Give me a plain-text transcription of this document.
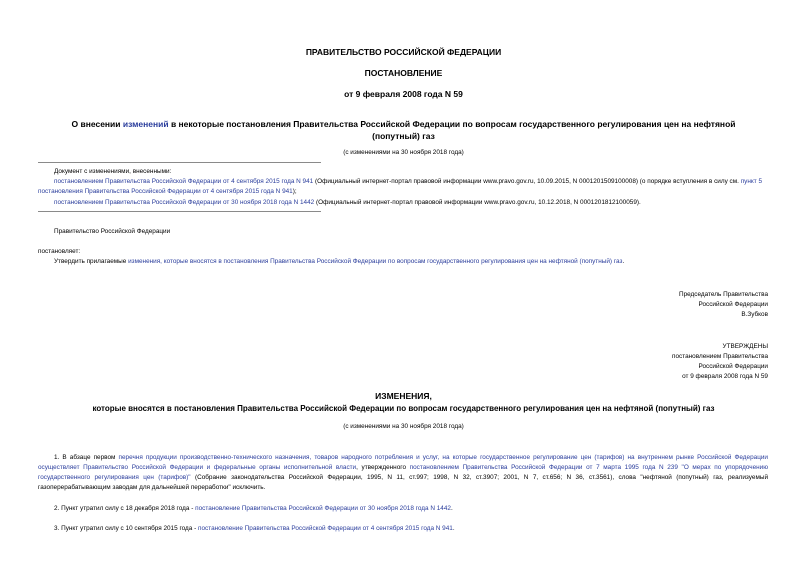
ПРАВИТЕЛЬСТВО РОССИЙСКОЙ ФЕДЕРАЦИИ
ПОСТАНОВЛЕНИЕ
от 9 февраля 2008 года N 59
О внесении изменений в некоторые постановления Правительства Российской Федерации по вопросам государственного регулирования цен на нефтяной (попутный) газ
(с изменениями на 30 ноября 2018 года)
Документ с изменениями, внесенными:
постановлением Правительства Российской Федерации от 4 сентября 2015 года N 941 (Официальный интернет-портал правовой информации www.pravo.gov.ru, 10.09.2015, N 0001201509100008) (о порядке вступления в силу см. пункт 5 постановления Правительства Российской Федерации от 4 сентября 2015 года N 941);
постановлением Правительства Российской Федерации от 30 ноября 2018 года N 1442 (Официальный интернет-портал правовой информации www.pravo.gov.ru, 10.12.2018, N 0001201812100059).
Правительство Российской Федерации
постановляет:
Утвердить прилагаемые изменения, которые вносятся в постановления Правительства Российской Федерации по вопросам государственного регулирования цен на нефтяной (попутный) газ.
Председатель Правительства
Российской Федерации
В.Зубков
УТВЕРЖДЕНЫ
постановлением Правительства
Российской Федерации
от 9 февраля 2008 года N 59
ИЗМЕНЕНИЯ,
которые вносятся в постановления Правительства Российской Федерации по вопросам государственного регулирования цен на нефтяной (попутный) газ
(с изменениями на 30 ноября 2018 года)
1. В абзаце первом перечня продукции производственно-технического назначения, товаров народного потребления и услуг, на которые государственное регулирование цен (тарифов) на внутреннем рынке Российской Федерации осуществляет Правительство Российской Федерации и федеральные органы исполнительной власти, утвержденного постановлением Правительства Российской Федерации от 7 марта 1995 года N 239 "О мерах по упорядочению государственного регулирования цен (тарифов)" (Собрание законодательства Российской Федерации, 1995, N 11, ст.997; 1998, N 32, ст.3907; 2001, N 7, ст.656; N 36, ст.3561), слова "нефтяной (попутный) газ, реализуемый газоперерабатывающим заводам для дальнейшей переработки" исключить.
2. Пункт утратил силу с 18 декабря 2018 года - постановление Правительства Российской Федерации от 30 ноября 2018 года N 1442.
3. Пункт утратил силу с 10 сентября 2015 года - постановление Правительства Российской Федерации от 4 сентября 2015 года N 941.
